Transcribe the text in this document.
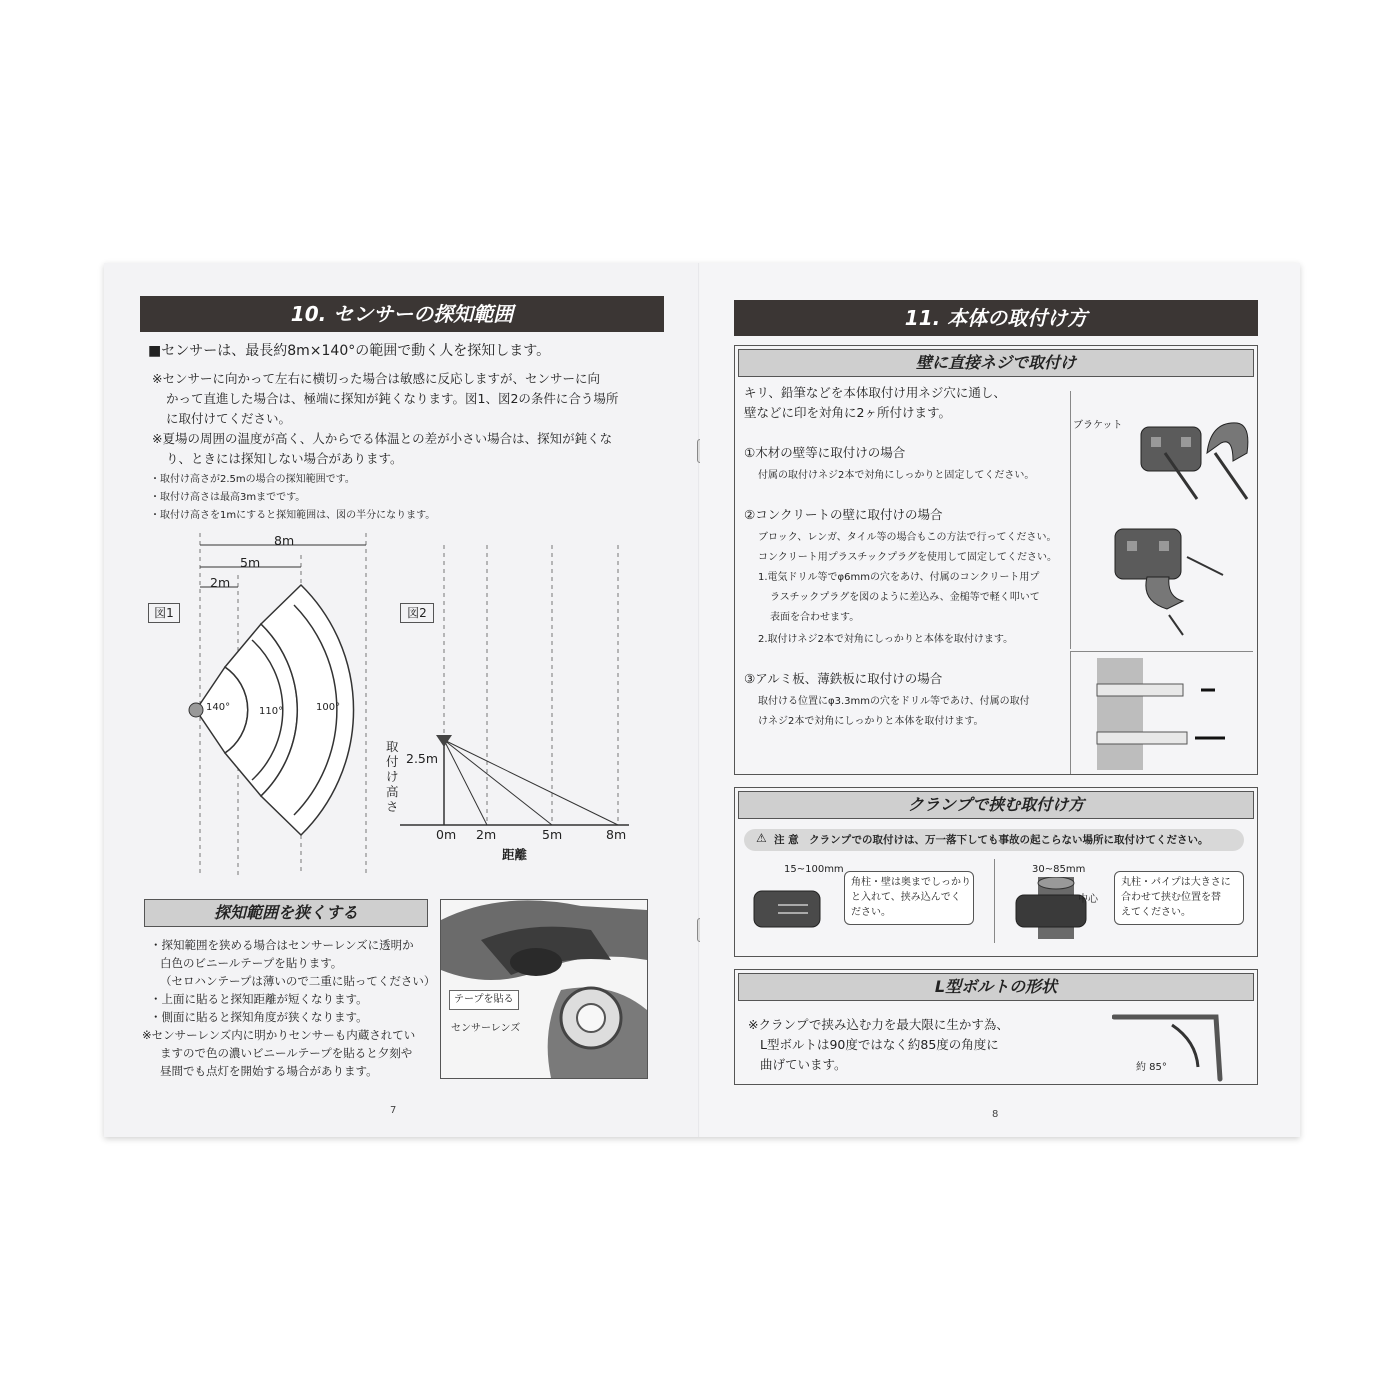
10. センサーの探知範囲
■センサーは、最長約8m×140°の範囲で動く人を探知します。
※センサーに向かって左右に横切った場合は敏感に反応しますが、センサーに向
かって直進した場合は、極端に探知が鈍くなります。図1、図2の条件に合う場所
に取付けてください。
※夏場の周囲の温度が高く、人からでる体温との差が小さい場合は、探知が鈍くな
り、ときには探知しない場合があります。
・取付け高さが2.5mの場合の探知範囲です。
・取付け高さは最高3mまでです。
・取付け高さを1mにすると探知範囲は、図の半分になります。
図1
8m
5m
2m
140°	110°	100°
図2
2.5m
取付け高さ
0m 2m	5m	8m
距離
探知範囲を狭くする
・探知範囲を狭める場合はセンサーレンズに透明か
白色のビニールテープを貼ります。
（セロハンテープは薄いので二重に貼ってください）
・上面に貼ると探知距離が短くなります。
・側面に貼ると探知角度が狭くなります。
※センサーレンズ内に明かりセンサーも内蔵されてい
ますので色の濃いビニールテープを貼ると夕刻や
昼間でも点灯を開始する場合があります。
テープを貼る
センサーレンズ
7
11. 本体の取付け方
壁に直接ネジで取付け
キリ、鉛筆などを本体取付け用ネジ穴に通し、
壁などに印を対角に2ヶ所付けます。
①木材の壁等に取付けの場合
付属の取付けネジ2本で対角にしっかりと固定してください。
②コンクリートの壁に取付けの場合
ブロック、レンガ、タイル等の場合もこの方法で行ってください。
コンクリート用プラスチックプラグを使用して固定してください。
1.電気ドリル等でφ6mmの穴をあけ、付属のコンクリート用プ
ラスチックプラグを図のように差込み、金槌等で軽く叩いて
表面を合わせます。
2.取付けネジ2本で対角にしっかりと本体を取付けます。
③アルミ板、薄鉄板に取付けの場合
取付ける位置にφ3.3mmの穴をドリル等であけ、付属の取付
けネジ2本で対角にしっかりと本体を取付けます。
ブラケット
クランプで挟む取付け方
⚠ 注 意　クランプでの取付けは、万一落下しても事故の起こらない場所に取付けてください。
15~100mm
角柱・壁は奥までしっかり
と入れて、挟み込んでく
ださい。
30~85mm
中心
丸柱・パイプは大きさに
合わせて挟む位置を替
えてください。
L型ボルトの形状
※クランプで挟み込む力を最大限に生かす為、
L型ボルトは90度ではなく約85度の角度に
曲げています。	約 85°
8
